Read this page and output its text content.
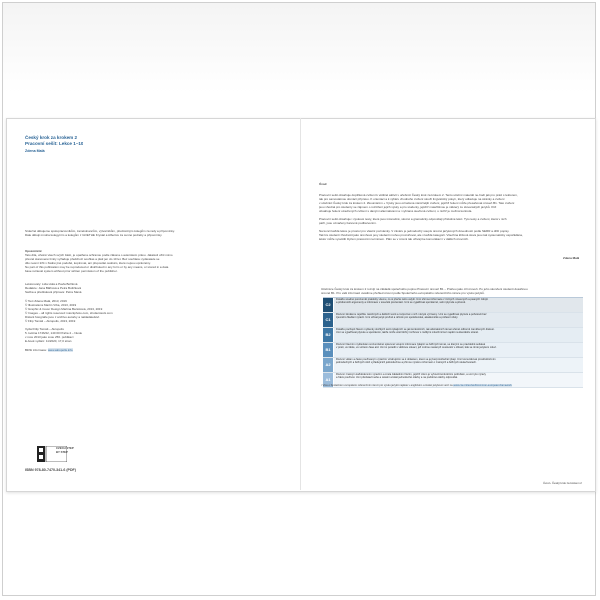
Český krok za krokem 2
Pracovní sešit: Lekce 1–10
Zdena Malá
Srdečně děkujeme spolupracovníkům, zaměstnancům, výtvarníkům, předmětným kolegům za rady a připomínky.
Dále děkuji mnoha kolegyním a kolegům z GOETHE Krystal a Albertov za cenné podněty a připomínky.
Upozornění
Tato díla, včetně všech svých částí, je opatřena ochranou podle zákona o autorském právu. Jakékoli užití mimo
přesně stanovené limity vyžaduje předchozí souhlas a platí jen do 10 let. Bez souhlasu vydavatele se
dílo nesmí šířit v žádné jiné podobě, kopírovat, ani přeposílat osobám, které nejsou oprávněny.
No part of this publication may be reproduced or distributed in any form or by any means, or stored in a data
base retrieval system without prior written permission of the publisher.
Lektorovaly: Lída Holá a Pavla Bořilová
Redakce: Jana Bláhová a Petra Bulíčková
Sazba a předtisková příprava: Petra Slaná
© Text Zdena Malá, 2013, 2019
© Illustrations Martin Vrba, 2013, 2019
© Graphic & Cover Design Martina Bartošová, 2013, 2019
© Images – all rights reserved: istockphoto.com, shutterstock.com
Distant fotografie jsou z archivu autorky a nakladatelství.
© Filip Tomáš – Akropolis, 2013, 2019
Vydal Filip Tomáš – Akropolis
5. května 1746/22, 140 00 Praha 4 – Nusle
v roce 2013 jako svou 256. publikaci
E-book vydání: 11/2020, 17,0 stran
Bližší informace: www.akropolis.info
CZECH STEP BY STEP
ISBN 978-80-7470-341-6 (PDF)
Úvod
Pracovní sešit obsahuje doplňková cvičení k většině aktivit v učebnici Český krok za krokem 2. Tento učební materiál ne-hodí jak pro práci s lektorem,
tak pro samostatnou domácí přípravu. K orientaci a k výběru vhodného cvičení slouží lingvistický pokyn, který odkazuje na stránky a cvičení
v učebnici Český krok za krokem 2. Zkoumáním + Výuky jsou označena náročnější cvičení, jejichž řešení může přesahovat úroveň B1. Tato cvičení
jsou vhodná pro studenty se zájmem o rozšíření jejich výuky a pro studenty, jejichž mateřštinou je některý ze slovanských jazyků. Klíč
obsahuje řešení uzavřených cvičení s danými alternativami a i vybraná otevřená cvičení, u nichž je možná kontrola.
Pracovní sešit obsahuje i výukové testy, které jsou intonačně, slovně a gramaticky odpovídají příslušné lekci. Tyto testy a cvičení, která v nich
patří, jsou označeny barevně podbarvením.
Na konci každé lekce je prostor pro vlastní poznámky. V závěru je jednoduchý soupis úrovně jazykových dovedností podle SERR a dílčí popisy.
Tak lze studenti zhodnotit jako úrovňové jevy studenti mohou procvičovat, ale v každé kategorii. Všechna klíčová slova jsou tak systematicky uspořádána,
lektor může vysvětlit čtyřem pracovním termínem. Plán se v úrovni tak užívají ke komunikaci i v dalších úrovních.
Zdena Malá
Učebnice Český krok za krokem 2 rozvíjí na základě společného popisu Pracovní úroveň B1 – Prahou jako cílí úroveň. Po jeho skončení studenti dosáhnou
úrovně B1. Pro vaši informaci uvádíme přehled úrovní podle Společného evropského referenčního rámce pro výuku jazyků.
C2
Dokáže snadno porozumět prakticky všemu, co si přečte nebo uslyší. Umí shrnout informace z různých mluvených a psaných zdrojů
a přetlumočit argumenty a informace v souvislé prezentaci. Umí se vyjadřovat spontánně, velmi plynule a přesně.
C1
Rozumí širokému rejstříku náročných a delších textů a rozpozná v nich i skryté významy. Umí se vyjadřovat plynule a pohotově bez
zjevného hledání výrazů. Umí užívat jazyk pružně a účinně pro společenské, akademické a profesní účely.
B2
Dokáže pochopit hlavní myšlenky složitých textů týkajících se jak konkrétních, tak abstraktních témat včetně odborně zaměřených diskusí.
Umí se vyjadřovat plynule a spontánně, takže může vést běžný rozhovor s rodilými mluvčími bez napětí na kterékoliv straně.
B1
Rozumí hlavním myšlenkám srozumitelné spisovné vstupní informace týkající se běžných témat, se kterými se pravidelně setkává
v práci, ve škole, ve volném čase atd. Umí si poradit s většinou situací, jež mohou nastat při cestování v oblasti, kde se tímto jazykem mluví.
A2
Rozumí větám a často používaným výrazům vztahujícím se k oblastem, které se jej bezprostředně týkají. Umí komunikovat prostřednictvím
jednoduchých a běžných úloh vyžadujících jednoduchou a přímou výměnu informací o známých a běžných skutečnostech.
A1
Rozumí známým každodenním výrazům a zcela základním frázím, jejichž cílem je vyhovět konkrétním potřebám, a umí tyto výrazy
a fráze používat. Umí představit sebe a ostatní a klást jednoduché otázky a na podobné otázky odpovídat.
¹ Více o Společném evropském referenčním rámci pro výuku jazyků najdete v anglickém a české jazykové verzi na www.coe.int/en/web/common-european-framework
Úvod › Český krok za krokem 2
